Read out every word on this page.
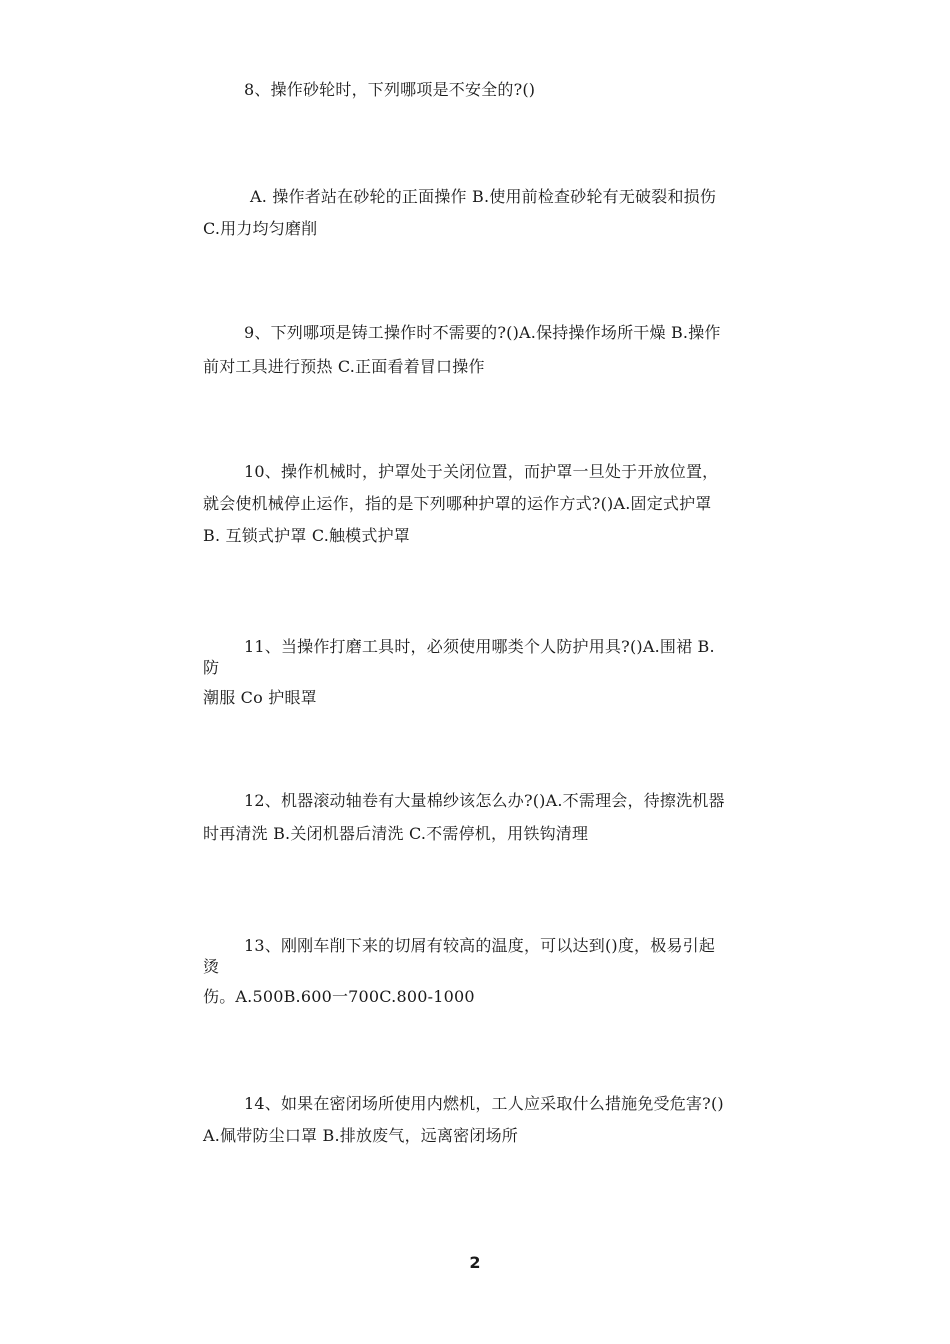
8、操作砂轮时，下列哪项是不安全的?()
A. 操作者站在砂轮的正面操作 B.使用前检查砂轮有无破裂和损伤
C.用力均匀磨削
9、下列哪项是铸工操作时不需要的?()A.保持操作场所干燥 B.操作
前对工具进行预热 C.正面看着冒口操作
10、操作机械时，护罩处于关闭位置，而护罩一旦处于开放位置，
就会使机械停止运作，指的是下列哪种护罩的运作方式?()A.固定式护罩
B. 互锁式护罩 C.触模式护罩
11、当操作打磨工具时，必须使用哪类个人防护用具?()A.围裙 B.
防
潮服 Co 护眼罩
12、机器滚动轴卷有大量棉纱该怎么办?()A.不需理会，待擦洗机器
时再清洗 B.关闭机器后清洗 C.不需停机，用铁钩清理
13、刚刚车削下来的切屑有较高的温度，可以达到()度，极易引起
烫
伤。A.500B.600一700C.800-1000
14、如果在密闭场所使用内燃机，工人应采取什么措施免受危害?()
A.佩带防尘口罩 B.排放废气，远离密闭场所
2
